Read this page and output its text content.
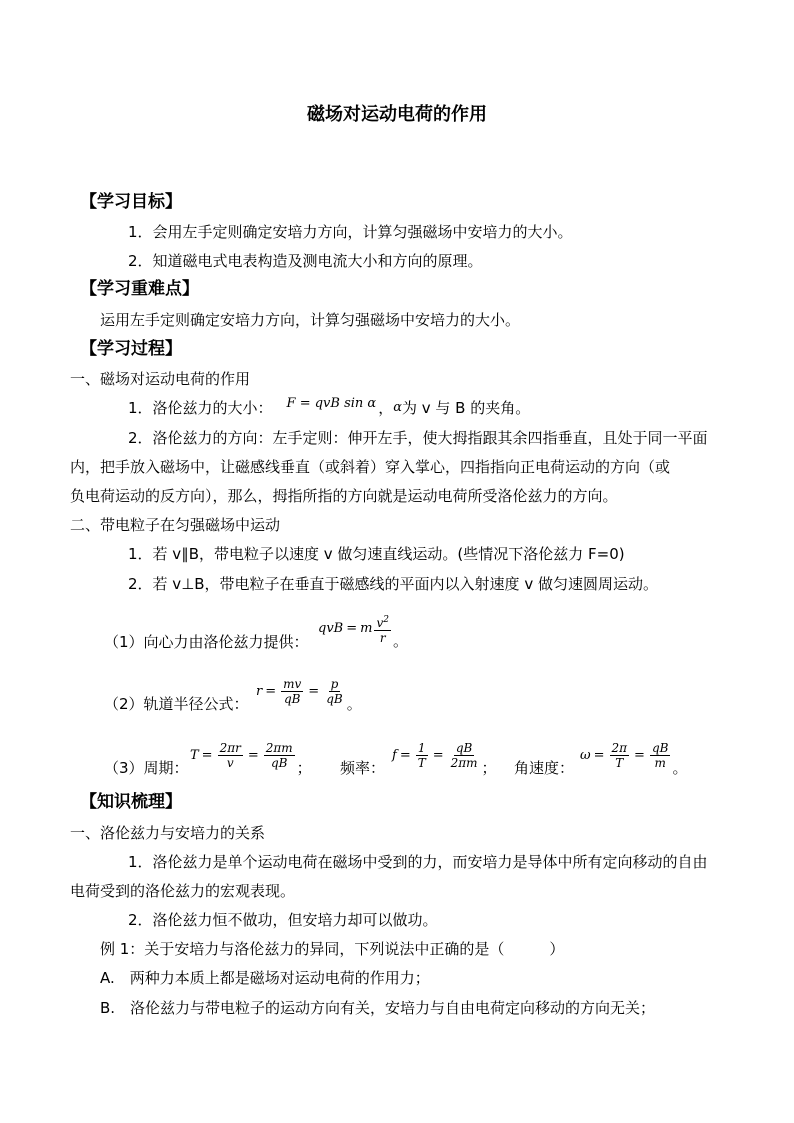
磁场对运动电荷的作用
【学习目标】
1．会用左手定则确定安培力方向，计算匀强磁场中安培力的大小。
2．知道磁电式电表构造及测电流大小和方向的原理。
【学习重难点】
运用左手定则确定安培力方向，计算匀强磁场中安培力的大小。
【学习过程】
一、磁场对运动电荷的作用
1．洛伦兹力的大小： F = qvB sin α ， α 为 v 与 B 的夹角。
2．洛伦兹力的方向：左手定则：伸开左手，使大拇指跟其余四指垂直，且处于同一平面
内，把手放入磁场中，让磁感线垂直（或斜着）穿入掌心，四指指向正电荷运动的方向（或
负电荷运动的反方向），那么，拇指所指的方向就是运动电荷所受洛伦兹力的方向。
二、带电粒子在匀强磁场中运动
1．若 v∥B，带电粒子以速度 v 做匀速直线运动。(些情况下洛伦兹力 F=0)
2．若 v⊥B，带电粒子在垂直于磁感线的平面内以入射速度 v 做匀速圆周运动。
（1）向心力由洛伦兹力提供：
qvB = m $\frac{v^2}{r}$ 。
（2）轨道半径公式：
$r = \frac{mv}{qB} = \frac{p}{qB}$ 。
（3）周期：
$T = \frac{2\pi r}{v} = \frac{2\pi m}{qB}$ ； 频率：
$f = \frac{1}{T} = \frac{qB}{2\pi m}$ ； 角速度：
$\omega = \frac{2\pi}{T} = \frac{qB}{m}$ 。
【知识梳理】
一、洛伦兹力与安培力的关系
1．洛伦兹力是单个运动电荷在磁场中受到的力，而安培力是导体中所有定向移动的自由
电荷受到的洛伦兹力的宏观表现。
2．洛伦兹力恒不做功，但安培力却可以做功。
例 1：关于安培力与洛伦兹力的异同，下列说法中正确的是（　　　）
A.　两种力本质上都是磁场对运动电荷的作用力；
B.　洛伦兹力与带电粒子的运动方向有关，安培力与自由电荷定向移动的方向无关；
